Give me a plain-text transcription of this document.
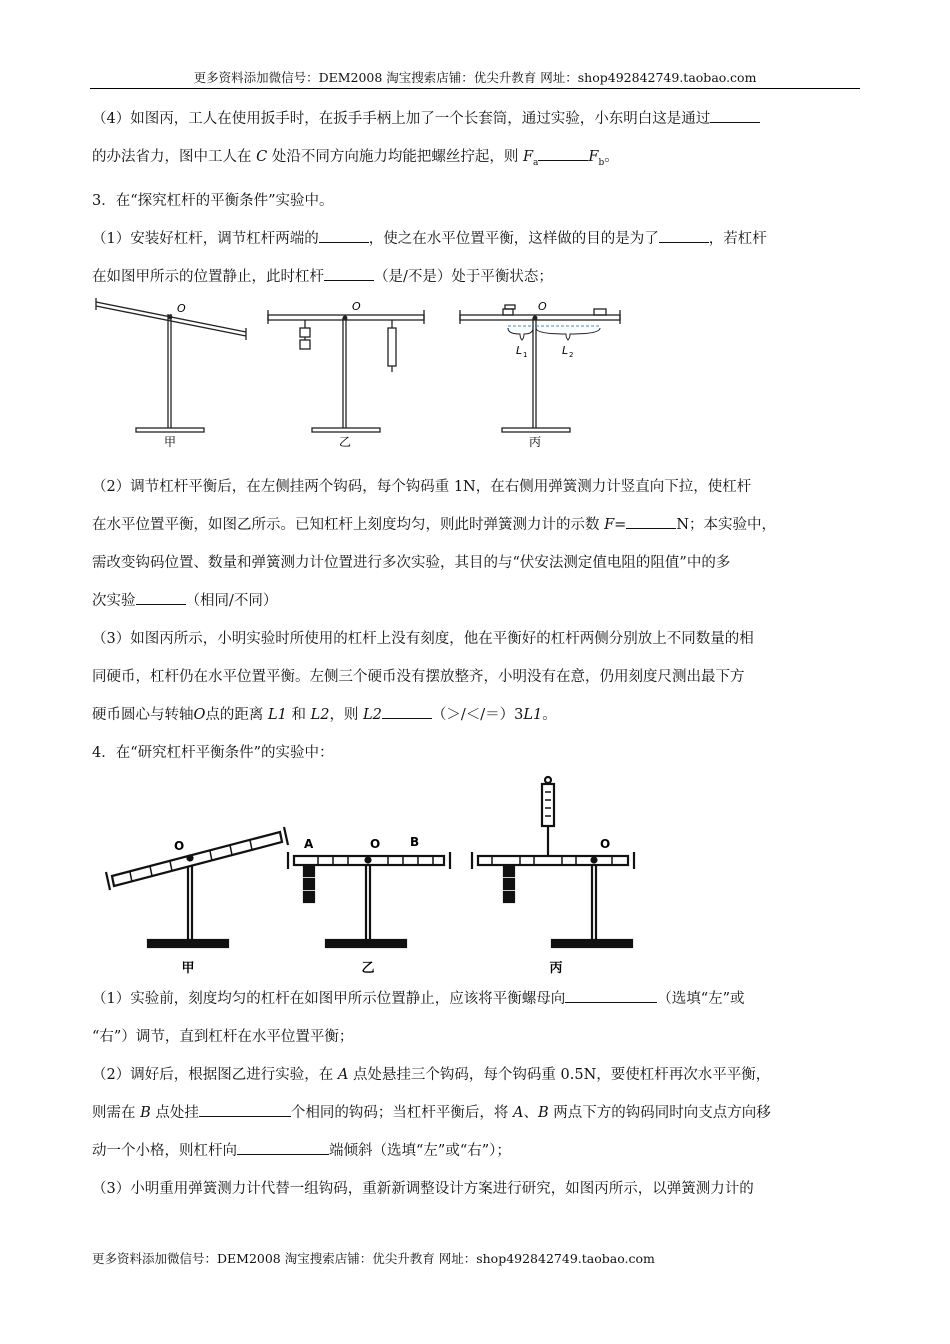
更多资料添加微信号：DEM2008 淘宝搜索店铺：优尖升教育 网址：shop492842749.taobao.com

（4）如图丙，工人在使用扳手时，在扳手手柄上加了一个长套筒，通过实验，小东明白这是通过

的办法省力，图中工人在 C 处沿不同方向施力均能把螺丝拧起，则 $F_a$	$F_b$。

3．在“探究杠杆的平衡条件”实验中。

（1）安装好杠杆，调节杠杆两端的	，使之在水平位置平衡，这样做的目的是为了	，若杠杆

在如图甲所示的位置静止，此时杠杆	（是/不是）处于平衡状态；

O
甲
O
乙
O
L 1	L 2
丙

（2）调节杠杆平衡后，在左侧挂两个钩码，每个钩码重 1N，在右侧用弹簧测力计竖直向下拉，使杠杆

在水平位置平衡，如图乙所示。已知杠杆上刻度均匀，则此时弹簧测力计的示数 F=	N；本实验中，

需改变钩码位置、数量和弹簧测力计位置进行多次实验，其目的与“伏安法测定值电阻的阻值”中的多

次实验	（相同/不同）

（3）如图丙所示，小明实验时所使用的杠杆上没有刻度，他在平衡好的杠杆两侧分别放上不同数量的相

同硬币，杠杆仍在水平位置平衡。左侧三个硬币没有摆放整齐，小明没有在意，仍用刻度尺测出最下方

硬币圆心与转轴O点的距离 L1 和 L2，则 L2	（＞/＜/＝）3L1。

4．在“研究杠杆平衡条件”的实验中：

O
甲
A	O B
乙
O
丙

（1）实验前，刻度均匀的杠杆在如图甲所示位置静止，应该将平衡螺母向	（选填“左”或

“右”）调节，直到杠杆在水平位置平衡；

（2）调好后，根据图乙进行实验，在 A 点处悬挂三个钩码，每个钩码重 0.5N，要使杠杆再次水平平衡，

则需在 B 点处挂	个相同的钩码；当杠杆平衡后，将 A、B 两点下方的钩码同时向支点方向移

动一个小格，则杠杆向	端倾斜（选填“左”或“右”）；

（3）小明重用弹簧测力计代替一组钩码，重新新调整设计方案进行研究，如图丙所示，以弹簧测力计的

更多资料添加微信号：DEM2008 淘宝搜索店铺：优尖升教育 网址：shop492842749.taobao.com
